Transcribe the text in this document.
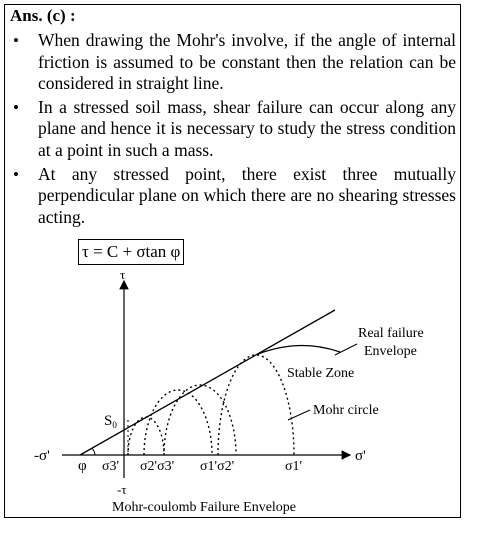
Ans. (c) :
• When drawing the Mohr's involve, if the angle of internal friction is assumed to be constant then the relation can be considered in straight line.
• In a stressed soil mass, shear failure can occur along any plane and hence it is necessary to study the stress condition at a point in such a mass.
• At any stressed point, there exist three mutually perpendicular plane on which there are no shearing stresses acting.
τ = C + σtan φ
τ
-τ
σ'
-σ'
φ
$S_0$
σ3' σ2'σ3' σ1'σ2'	σ1'
Real failure
Envelope
Stable Zone
Mohr circle
Mohr-coulomb Failure Envelope
